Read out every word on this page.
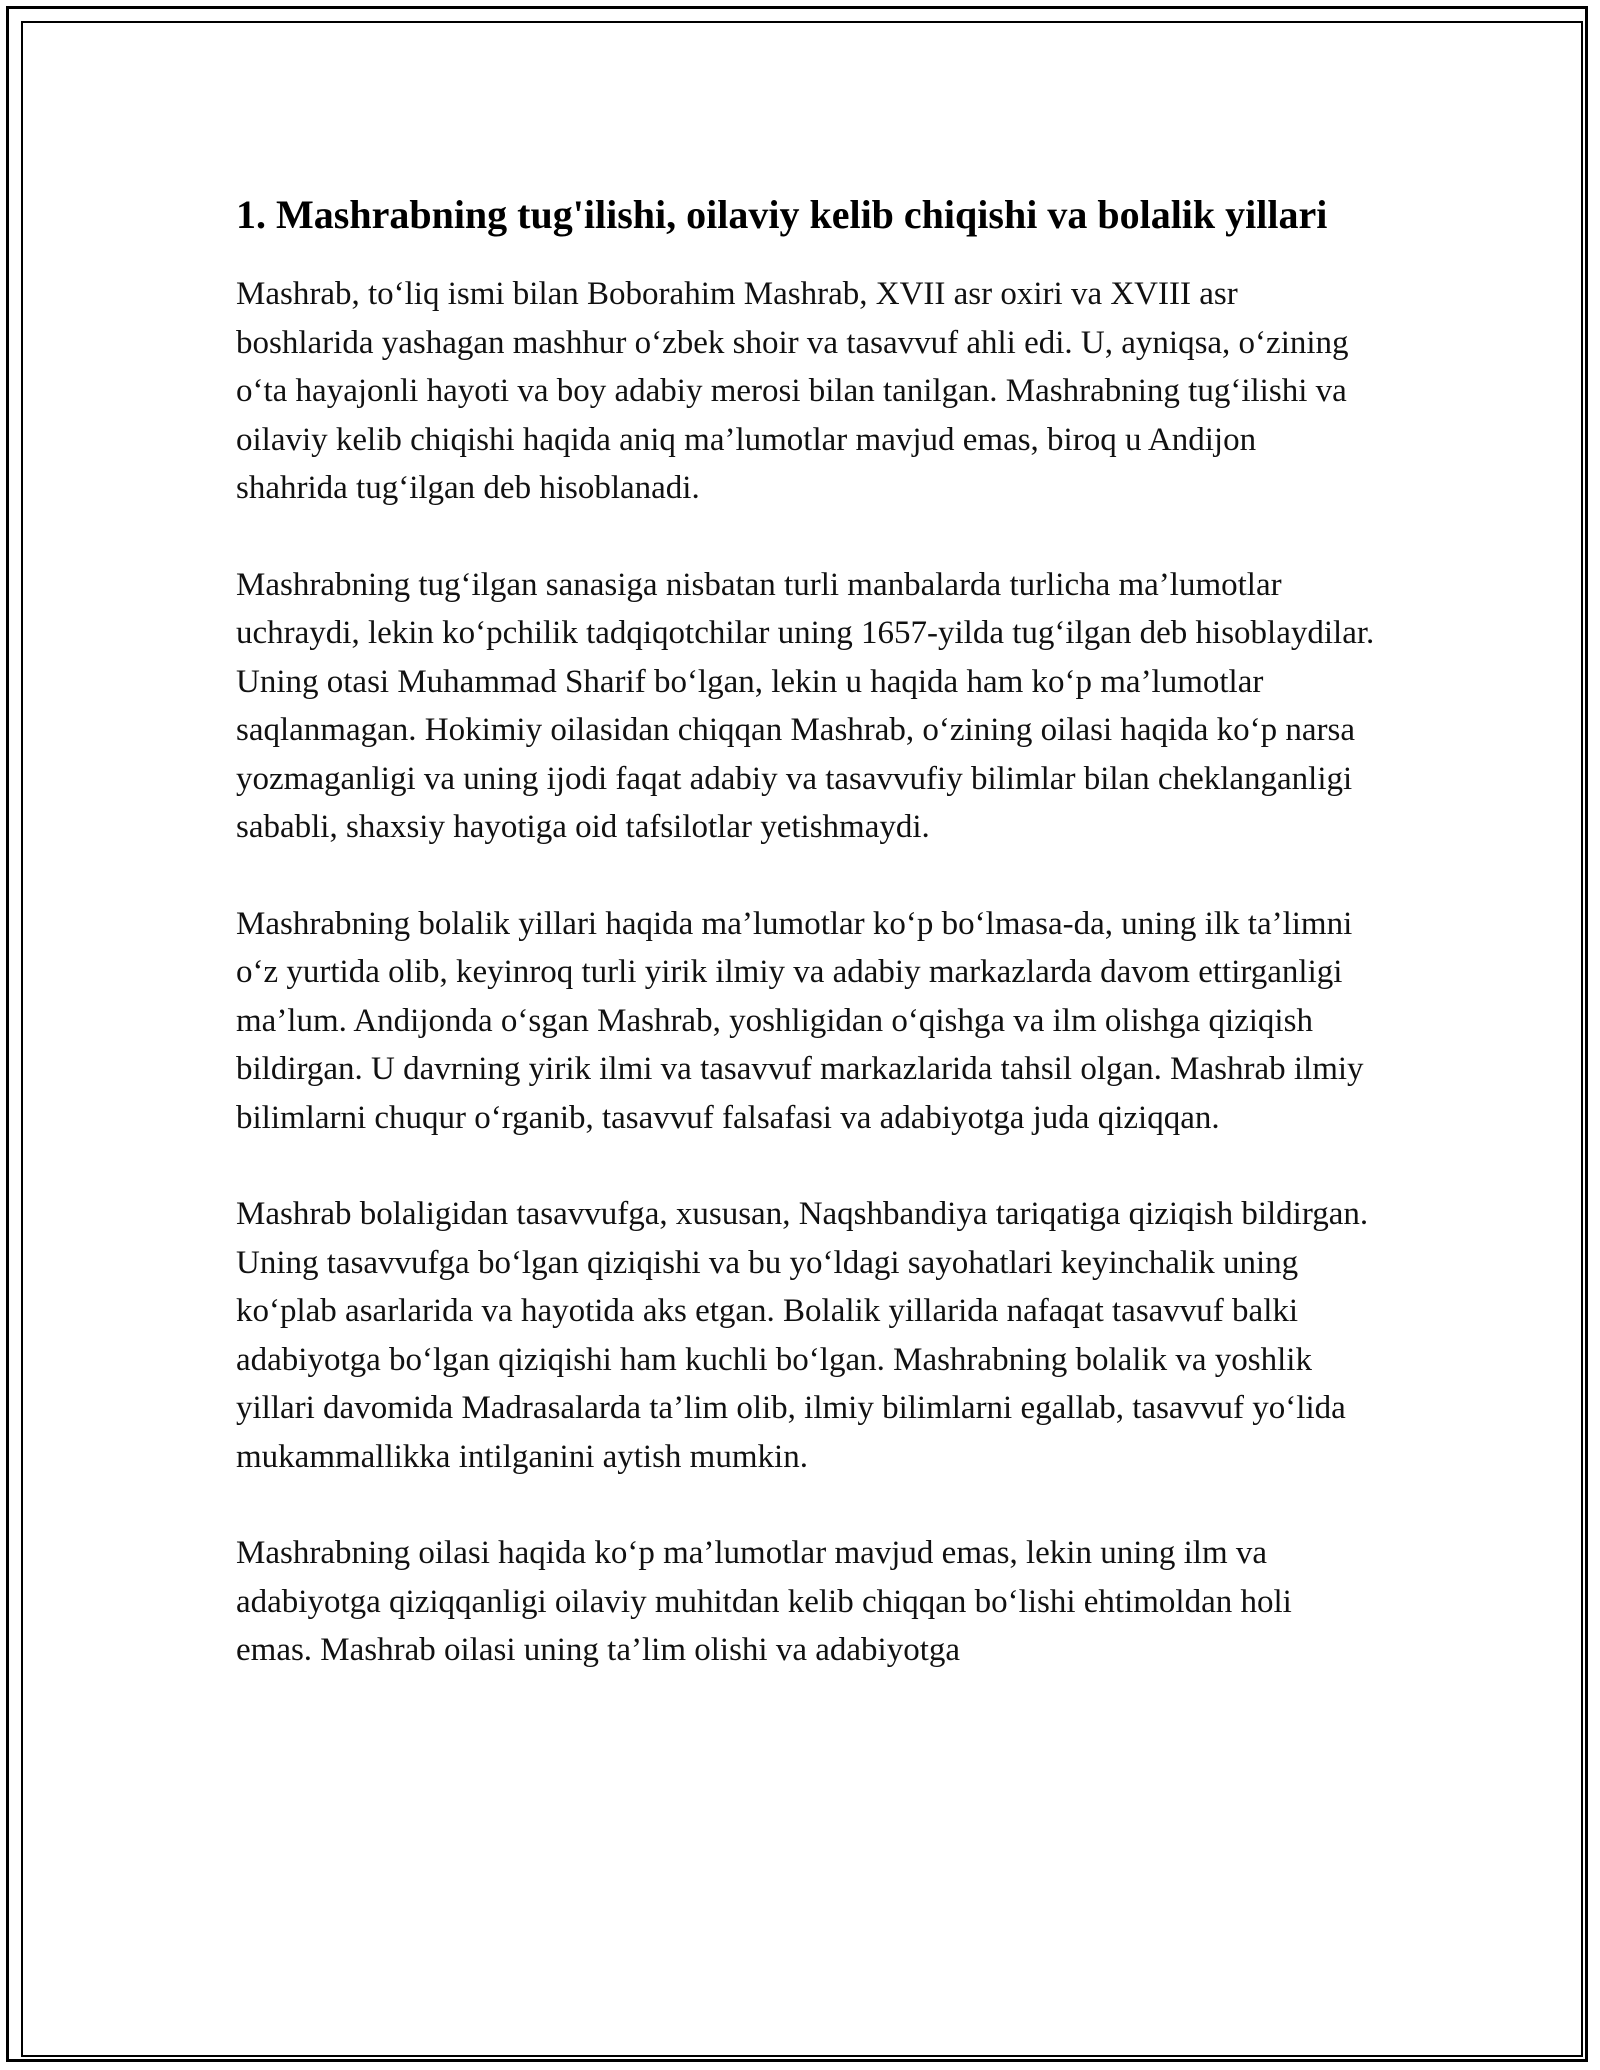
1. Mashrabning tug'ilishi, oilaviy kelib chiqishi va bolalik yillari

Mashrab, to‘liq ismi bilan Boborahim Mashrab, XVII asr oxiri va XVIII asr boshlarida yashagan mashhur o‘zbek shoir va tasavvuf ahli edi. U, ayniqsa, o‘zining o‘ta hayajonli hayoti va boy adabiy merosi bilan tanilgan. Mashrabning tug‘ilishi va oilaviy kelib chiqishi haqida aniq ma’lumotlar mavjud emas, biroq u Andijon shahrida tug‘ilgan deb hisoblanadi.

Mashrabning tug‘ilgan sanasiga nisbatan turli manbalarda turlicha ma’lumotlar uchraydi, lekin ko‘pchilik tadqiqotchilar uning 1657-yilda tug‘ilgan deb hisoblaydilar. Uning otasi Muhammad Sharif bo‘lgan, lekin u haqida ham ko‘p ma’lumotlar saqlanmagan. Hokimiy oilasidan chiqqan Mashrab, o‘zining oilasi haqida ko‘p narsa yozmaganligi va uning ijodi faqat adabiy va tasavvufiy bilimlar bilan cheklanganligi sababli, shaxsiy hayotiga oid tafsilotlar yetishmaydi.

Mashrabning bolalik yillari haqida ma’lumotlar ko‘p bo‘lmasa-da, uning ilk ta’limni o‘z yurtida olib, keyinroq turli yirik ilmiy va adabiy markazlarda davom ettirganligi ma’lum. Andijonda o‘sgan Mashrab, yoshligidan o‘qishga va ilm olishga qiziqish bildirgan. U davrning yirik ilmi va tasavvuf markazlarida tahsil olgan. Mashrab ilmiy bilimlarni chuqur o‘rganib, tasavvuf falsafasi va adabiyotga juda qiziqqan.

Mashrab bolaligidan tasavvufga, xususan, Naqshbandiya tariqatiga qiziqish bildirgan. Uning tasavvufga bo‘lgan qiziqishi va bu yo‘ldagi sayohatlari keyinchalik uning ko‘plab asarlarida va hayotida aks etgan. Bolalik yillarida nafaqat tasavvuf balki adabiyotga bo‘lgan qiziqishi ham kuchli bo‘lgan. Mashrabning bolalik va yoshlik yillari davomida Madrasalarda ta’lim olib, ilmiy bilimlarni egallab, tasavvuf yo‘lida mukammallikka intilganini aytish mumkin.

Mashrabning oilasi haqida ko‘p ma’lumotlar mavjud emas, lekin uning ilm va adabiyotga qiziqqanligi oilaviy muhitdan kelib chiqqan bo‘lishi ehtimoldan holi emas. Mashrab oilasi uning ta’lim olishi va adabiyotga
